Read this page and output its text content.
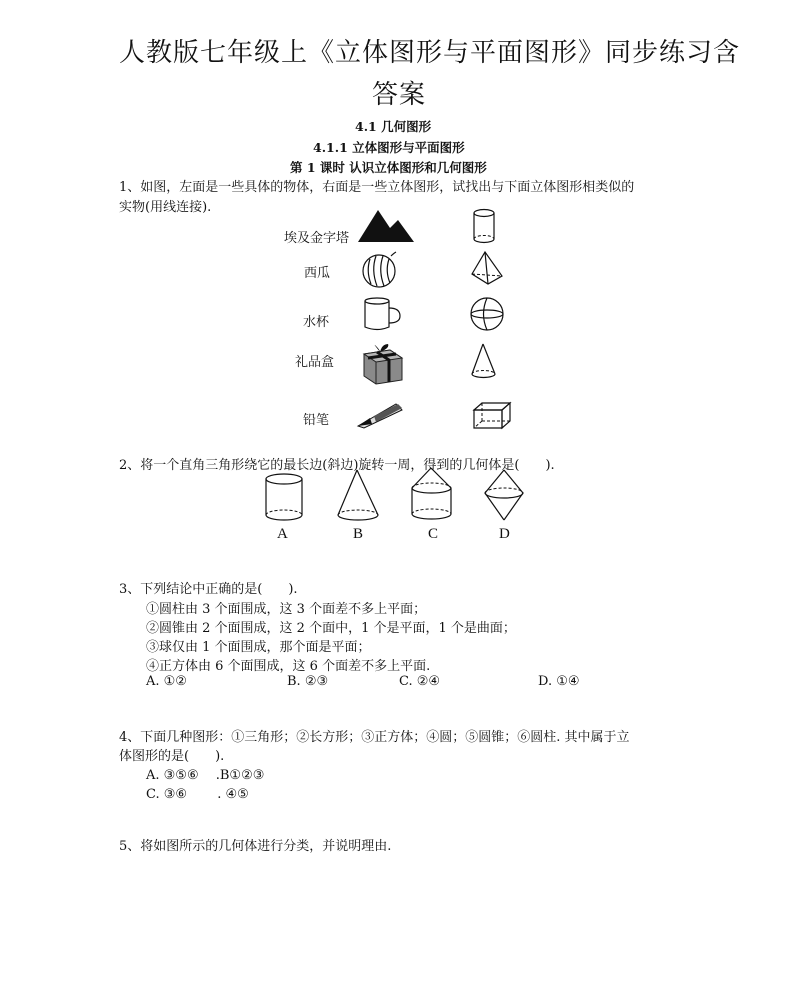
人教版七年级上《立体图形与平面图形》同步练习含
答案
4.1 几何图形
4.1.1 立体图形与平面图形
第 1 课时 认识立体图形和几何图形
1、如图，左面是一些具体的物体，右面是一些立体图形，试找出与下面立体图形相类似的
实物(用线连接).
埃及金字塔
西瓜
水杯
礼品盒
铅笔
2、将一个直角三角形绕它的最长边(斜边)旋转一周，得到的几何体是(　　).
A	B	C	D
3、下列结论中正确的是(　　).
①圆柱由 3 个面围成，这 3 个面差不多上平面；
②圆锥由 2 个面围成，这 2 个面中，1 个是平面，1 个是曲面；
③球仅由 1 个面围成，那个面是平面；
④正方体由 6 个面围成，这 6 个面差不多上平面.
A. ①②	B. ②③	C. ②④	D. ①④
4、下面几种图形：①三角形；②长方形；③正方体；④圆；⑤圆锥；⑥圆柱. 其中属于立
体图形的是(　　).
A. ③⑤⑥　 .B①②③
C. ③⑥　　 . ④⑤
5、将如图所示的几何体进行分类，并说明理由.
